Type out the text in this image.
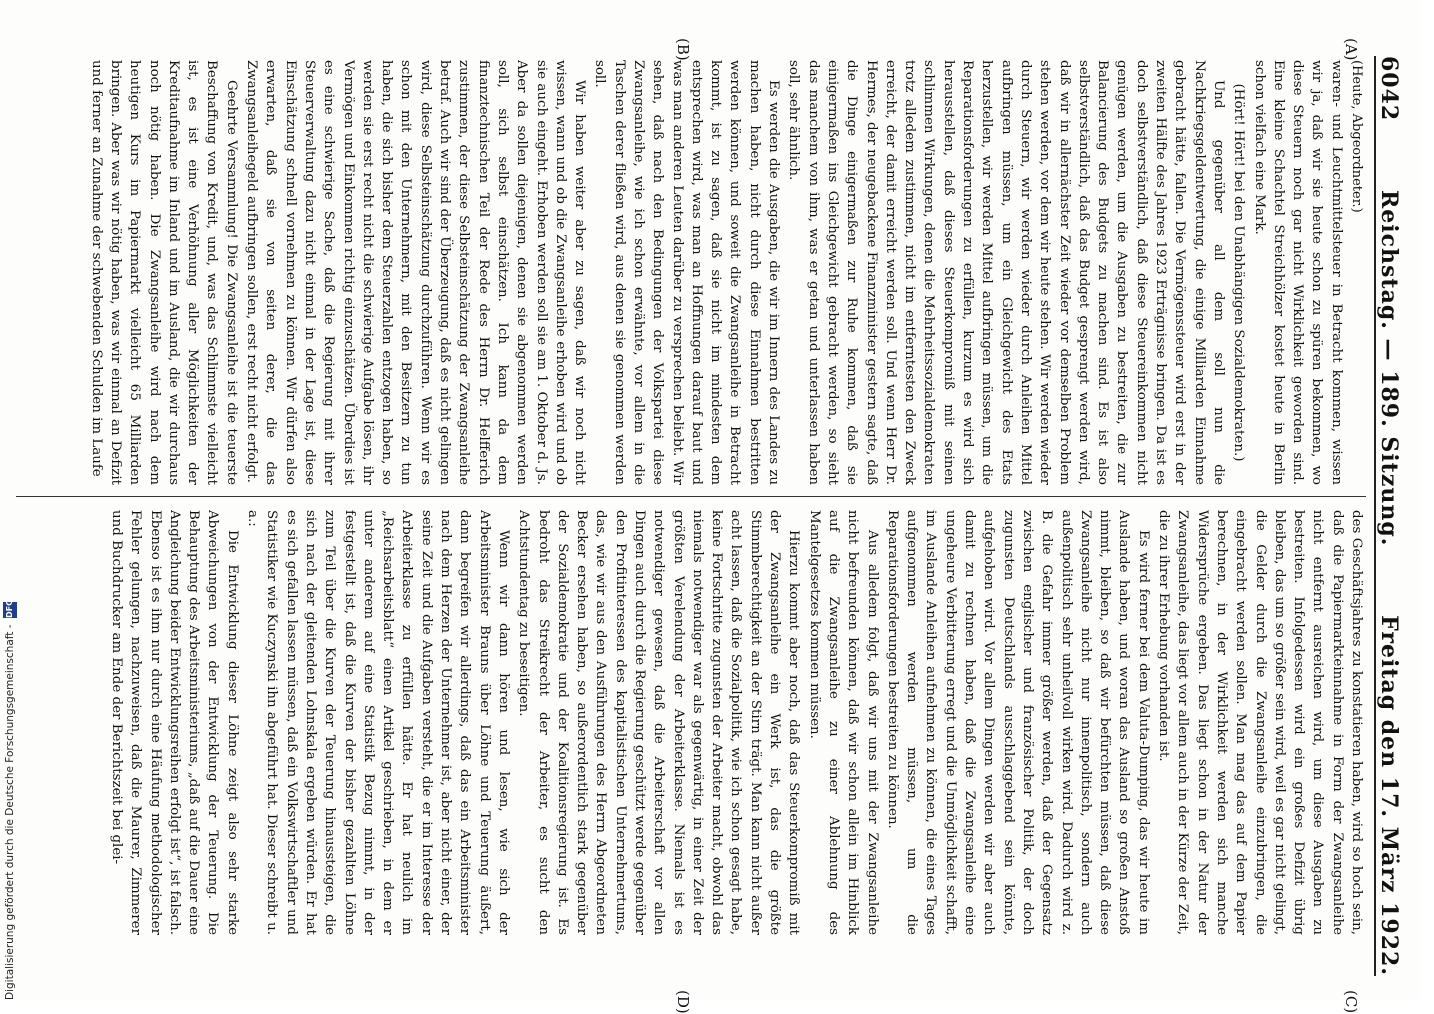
6042
Reichstag. — 189. Sitzung.
Freitag den 17. März 1922.
(A)
(B)
(C)
(D)

(Heute, Abgeordneter.)

waren- und Leuchtmittelsteuer in Betracht kommen, wissen wir ja, daß wir sie heute schon zu spüren bekommen, wo diese Steuern noch gar nicht Wirklichkeit geworden sind. Eine kleine Schachtel Streichhölzer kostet heute in Berlin schon vielfach eine Mark.

(Hört! Hört! bei den Unabhängigen Sozialdemokraten.)

Und gegenüber all dem soll nun die Nachkriegsgeldentwertung, die einige Milliarden Einnahme gebracht hätte, fallen. Die Vermögenssteuer wird erst in der zweiten Hälfte des Jahres 1923 Erträgnisse bringen. Da ist es doch selbstverständlich, daß diese Steuereinkommen nicht genügen werden, um die Ausgaben zu bestreiten, die zur Balancierung des Budgets zu machen sind. Es ist also selbstverständlich, daß das Budget gesprengt werden wird, daß wir in allernächster Zeit wieder vor demselben Problem stehen werden, vor dem wir heute stehen. Wir werden wieder durch Steuern, wir werden wieder durch Anleihen Mittel aufbringen müssen, um ein Gleichgewicht des Etats herzustellen, wir werden Mittel aufbringen müssen, um die Reparationsforderungen zu erfüllen, kurzum es wird sich herausstellen, daß dieses Steuerkompromiß mit seinen schlimmen Wirkungen, denen die Mehrheitssozialdemokraten trotz alledem zustimmen, nicht im entferntesten den Zweck erreicht, der damit erreicht werden soll. Und wenn Herr Dr. Hermes, der neugebackene Finanzminister gestern sagte, daß die Dinge einigermaßen zur Ruhe kommen, daß sie einigermaßen ins Gleichgewicht gebracht werden, so sieht das manchem von ihm, was er getan und unterlassen haben soll, sehr ähnlich.

Es werden die Ausgaben, die wir im Innern des Landes zu machen haben, nicht durch diese Einnahmen bestritten werden können, und soweit die Zwangsanleihe in Betracht kommt, ist zu sagen, daß sie nicht im mindesten dem entsprechen wird, was man an Hoffnungen darauf baut und was man anderen Leuten darüber zu versprechen beliebt. Wir sehen, daß nach den Bedingungen der Volkspartei diese Zwangsanleihe, wie ich schon erwähnte, vor allem in die Taschen derer fließen wird, aus denen sie genommen werden soll.

Wir haben weiter aber zu sagen, daß wir noch nicht wissen, wann und ob die Zwangsanleihe erhoben wird und ob sie auch eingeht. Erhoben werden soll sie am 1. Oktober d. Js. Aber da sollen diejenigen, denen sie abgenommen werden soll, sich selbst einschätzen. Ich kann da dem finanztechnischen Teil der Rede des Herrn Dr. Helfferich zustimmen, der diese Selbsteinschätzung der Zwangsanleihe betraf. Auch wir sind der Überzeugung, daß es nicht gelingen wird, diese Selbsteinschätzung durchzuführen. Wenn wir es schon mit den Unternehmern, mit den Besitzern zu tun haben, die sich bisher dem Steuerzahlen entzogen haben, so werden sie erst recht nicht die schwierige Aufgabe lösen, ihr Vermögen und Einkommen richtig einzuschätzen. Überdies ist es eine schwierige Sache, daß die Regierung mit ihrer Steuerverwaltung dazu nicht einmal in der Lage ist, diese Einschätzung schnell vornehmen zu können. Wir dürfen also erwarten, daß sie von seiten derer, die das Zwangsanleihegeld aufbringen sollen, erst recht nicht erfolgt.

Geehrte Versammlung! Die Zwangsanleihe ist die teuerste Beschaffung von Kredit, und, was das Schlimmste vielleicht ist, es ist eine Verhöhnung aller Möglichkeiten der Kreditaufnahme im Inland und im Ausland, die wir durchaus noch nötig haben. Die Zwangsanleihe wird nach dem heutigen Kurs im Papiermarkt vielleicht 65 Milliarden bringen. Aber was wir nötig haben, was wir einmal an Defizit und ferner an Zunahme der schwebenden Schulden im Laufe

des Geschäftsjahres zu konstatieren haben, wird so hoch sein, daß die Papiermarkteinnahme in Form der Zwangsanleihe nicht entfernt ausreichen wird, um diese Ausgaben zu bestreiten. Infolgedessen wird ein großes Defizit übrig bleiben, das um so größer sein wird, weil es gar nicht gelingt, die Gelder durch die Zwangsanleihe einzubringen, die eingebracht werden sollen. Man mag das auf dem Papier berechnen, in der Wirklichkeit werden sich manche Widersprüche ergeben. Das liegt schon in der Natur der Zwangsanleihe, das liegt vor allem auch in der Kürze der Zeit, die zu ihrer Erhebung vorhanden ist.

Es wird ferner bei dem Valuta-Dumping, das wir heute im Auslande haben, und woran das Ausland so großen Anstoß nimmt, bleiben, so daß wir befürchten müssen, daß diese Zwangsanleihe nicht nur innenpolitisch, sondern auch außenpolitisch sehr unheilvoll wirken wird. Dadurch wird z. B. die Gefahr immer größer werden, daß der Gegensatz zwischen englischer und französischer Politik, der doch zugunsten Deutschlands ausschlaggebend sein könnte, aufgehoben wird. Vor allem Dingen werden wir aber auch damit zu rechnen haben, daß die Zwangsanleihe eine ungeheure Verbitterung erregt und die Unmöglichkeit schafft, im Auslande Anleihen aufnehmen zu können, die eines Tages aufgenommen werden müssen, um die Reparationsforderungen bestreiten zu können.

Aus alledem folgt, daß wir uns mit der Zwangsanleihe nicht befreunden können, daß wir schon allein im Hinblick auf die Zwangsanleihe zu einer Ablehnung des Mantelgesetzes kommen müssen.

Hierzu kommt aber noch, daß das Steuerkompromiß mit der Zwangsanleihe ein Werk ist, das die größte Stimmberechtigkeit an der Stirn trägt. Man kann nicht außer acht lassen, daß die Sozialpolitik, wie ich schon gesagt habe, keine Fortschritte zugunsten der Arbeiter macht, obwohl das niemals notwendiger war als gegenwärtig, in einer Zeit der größten Verelendung der Arbeiterklasse. Niemals ist es notwendiger gewesen, daß die Arbeiterschaft vor allen Dingen auch durch die Regierung geschützt werde gegenüber den Profitinteressen des kapitalistischen Unternehmertums, das, wie wir aus den Ausführungen des Herrn Abgeordneten Becker ersehen haben, so außerordentlich stark gegenüber der Sozialdemokratie und der Koalitionsregierung ist. Es bedroht das Streikrecht der Arbeiter, es sucht den Achtstundentag zu beseitigen.

Wenn wir dann hören und lesen, wie sich der Arbeitsminister Brauns über Löhne und Teuerung äußert, dann begreifen wir allerdings, daß das ein Arbeitsminister nach dem Herzen der Unternehmer ist, aber nicht einer, der seine Zeit und die Aufgaben versteht, die er im Interesse der Arbeiterklasse zu erfüllen hätte. Er hat neulich im „Reichsarbeitsblatt“ einen Artikel geschrieben, in dem er unter anderem auf eine Statistik Bezug nimmt, in der festgestellt ist, daß die Kurven der bisher gezahlten Löhne zum Teil über die Kurven der Teuerung hinaussteigen, die sich nach der gleitenden Lohnskala ergeben würden. Er hat es sich gefallen lassen müssen, daß ein Volkswirtschaftler und Statistiker wie Kuczynski ihn abgeführt hat. Dieser schreibt u. a.:

Die Entwicklung dieser Löhne zeigt also sehr starke Abweichungen von der Entwicklung der Teuerung. Die Behauptung des Arbeitsministeriums, „daß auf die Dauer eine Angleichung beider Entwicklungsreihen erfolgt ist“, ist falsch. Ebenso ist es ihm nur durch eine Häufung methodologischer Fehler gelungen, nachzuweisen, daß die Maurer, Zimmerer und Buchdrucker am Ende der Berichtszeit bei glei-

Digitalisierung gefördert durch die Deutsche Forschungsgemeinschaft -
DFG
